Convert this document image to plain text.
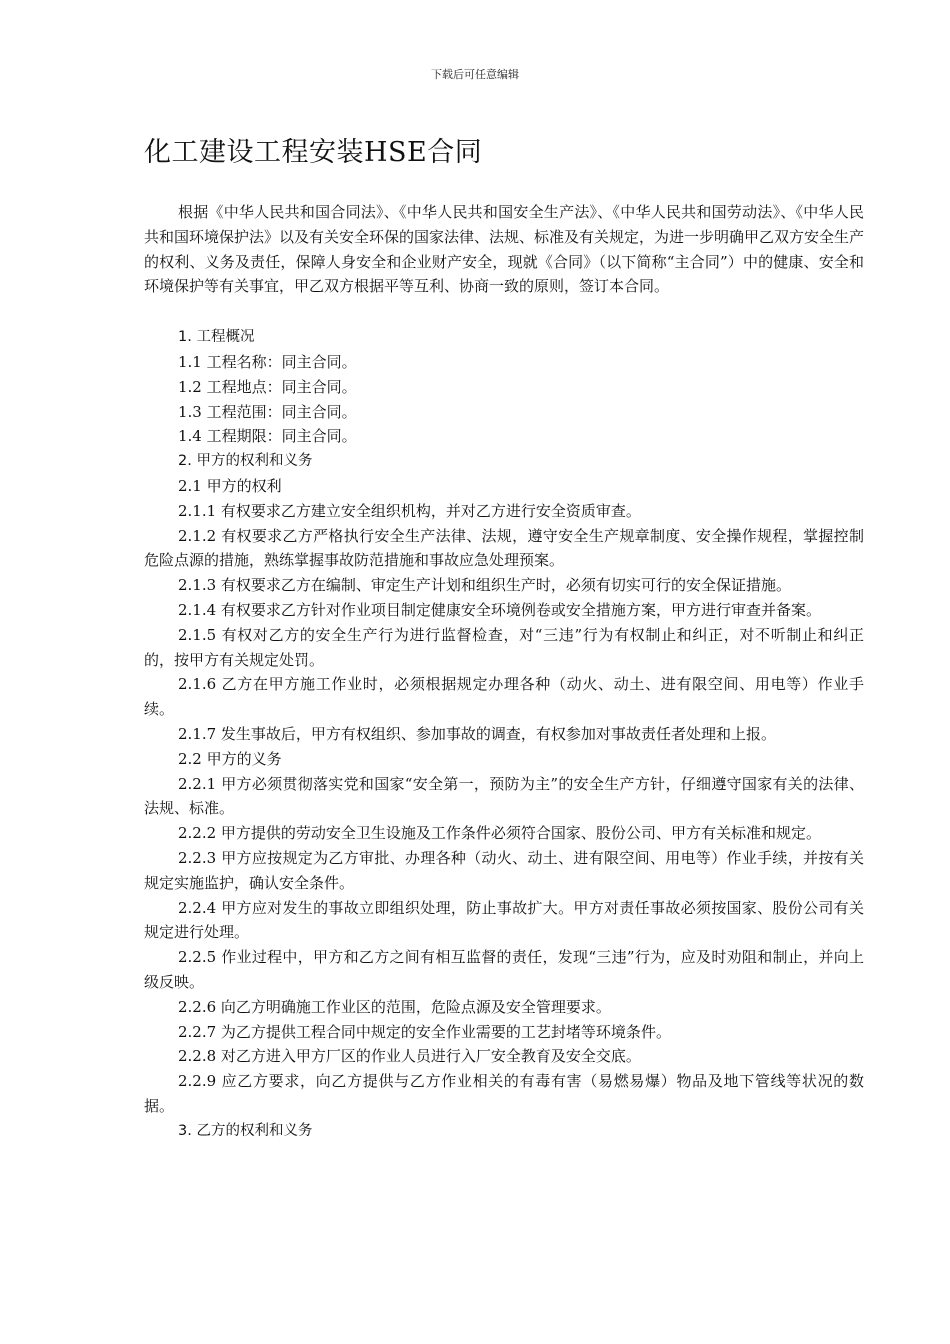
下载后可任意编辑
化工建设工程安装HSE合同

根据《中华人民共和国合同法》、《中华人民共和国安全生产法》、《中华人民共和国劳动法》、《中华人民共和国环境保护法》以及有关安全环保的国家法律、法规、标准及有关规定，为进一步明确甲乙双方安全生产的权利、义务及责任，保障人身安全和企业财产安全，现就《合同》（以下简称“主合同”）中的健康、安全和环境保护等有关事宜，甲乙双方根据平等互利、协商一致的原则，签订本合同。

1. 工程概况

1.1 工程名称：同主合同。

1.2 工程地点：同主合同。

1.3 工程范围：同主合同。

1.4 工程期限：同主合同。

2. 甲方的权利和义务

2.1 甲方的权利

2.1.1 有权要求乙方建立安全组织机构，并对乙方进行安全资质审查。

2.1.2 有权要求乙方严格执行安全生产法律、法规，遵守安全生产规章制度、安全操作规程，掌握控制危险点源的措施，熟练掌握事故防范措施和事故应急处理预案。

2.1.3 有权要求乙方在编制、审定生产计划和组织生产时，必须有切实可行的安全保证措施。

2.1.4 有权要求乙方针对作业项目制定健康安全环境例卷或安全措施方案，甲方进行审查并备案。

2.1.5 有权对乙方的安全生产行为进行监督检查，对“三违”行为有权制止和纠正，对不听制止和纠正的，按甲方有关规定处罚。

2.1.6 乙方在甲方施工作业时，必须根据规定办理各种（动火、动土、进有限空间、用电等）作业手续。

2.1.7 发生事故后，甲方有权组织、参加事故的调查，有权参加对事故责任者处理和上报。

2.2 甲方的义务

2.2.1 甲方必须贯彻落实党和国家“安全第一，预防为主”的安全生产方针，仔细遵守国家有关的法律、法规、标准。

2.2.2 甲方提供的劳动安全卫生设施及工作条件必须符合国家、股份公司、甲方有关标准和规定。

2.2.3 甲方应按规定为乙方审批、办理各种（动火、动土、进有限空间、用电等）作业手续，并按有关规定实施监护，确认安全条件。

2.2.4 甲方应对发生的事故立即组织处理，防止事故扩大。甲方对责任事故必须按国家、股份公司有关规定进行处理。

2.2.5 作业过程中，甲方和乙方之间有相互监督的责任，发现“三违”行为，应及时劝阻和制止，并向上级反映。

2.2.6 向乙方明确施工作业区的范围，危险点源及安全管理要求。

2.2.7 为乙方提供工程合同中规定的安全作业需要的工艺封堵等环境条件。

2.2.8 对乙方进入甲方厂区的作业人员进行入厂安全教育及安全交底。

2.2.9 应乙方要求，向乙方提供与乙方作业相关的有毒有害（易燃易爆）物品及地下管线等状况的数据。

3. 乙方的权利和义务
